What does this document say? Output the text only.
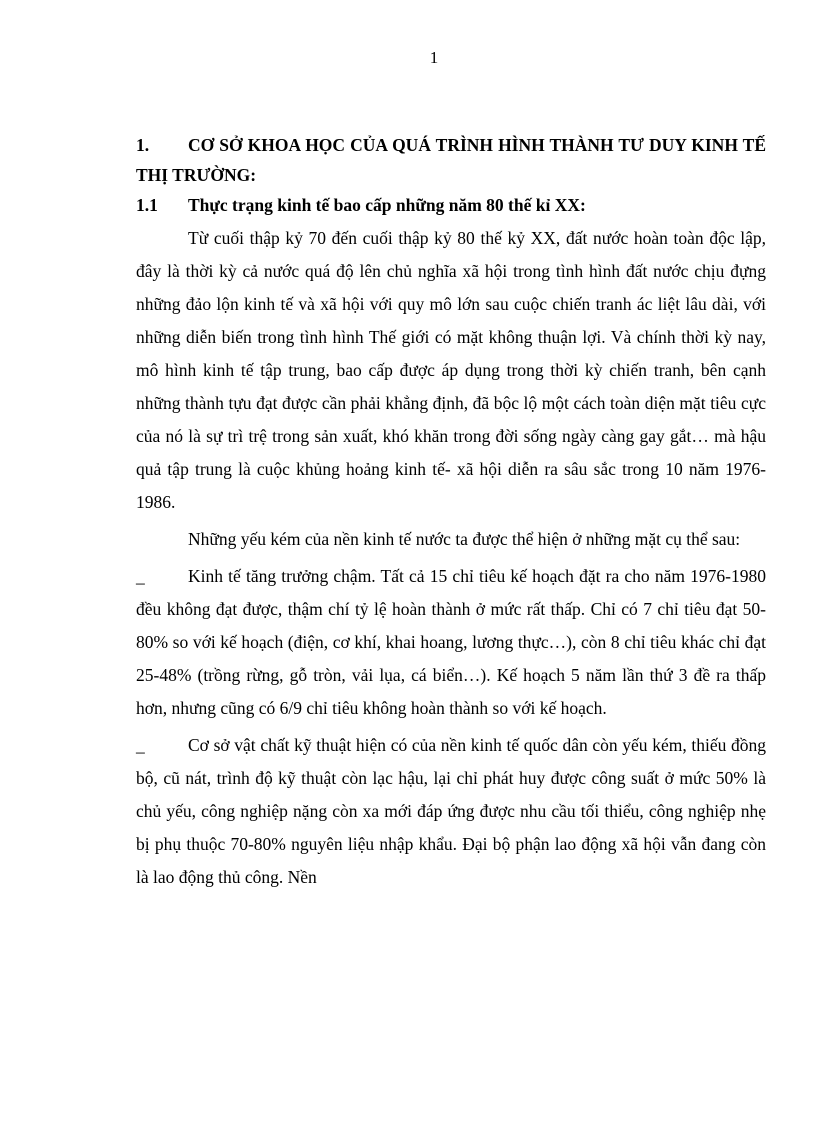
1

1. CƠ SỞ KHOA HỌC CỦA QUÁ TRÌNH HÌNH THÀNH TƯ DUY KINH TẾ THỊ TRƯỜNG:

1.1 Thực trạng kinh tế bao cấp những năm 80 thế kỉ XX:

Từ cuối thập kỷ 70 đến cuối thập kỷ 80 thế kỷ XX, đất nước hoàn toàn độc lập, đây là thời kỳ cả nước quá độ lên chủ nghĩa xã hội trong tình hình đất nước chịu đựng những đảo lộn kinh tế và xã hội với quy mô lớn sau cuộc chiến tranh ác liệt lâu dài, với những diễn biến trong tình hình Thế giới có mặt không thuận lợi. Và chính thời kỳ nay, mô hình kinh tế tập trung, bao cấp được áp dụng trong thời kỳ chiến tranh, bên cạnh những thành tựu đạt được cần phải khẳng định, đã bộc lộ một cách toàn diện mặt tiêu cực của nó là sự trì trệ trong sản xuất, khó khăn trong đời sống ngày càng gay gắt… mà hậu quả tập trung là cuộc khủng hoảng kinh tế- xã hội diễn ra sâu sắc trong 10 năm 1976-1986.

Những yếu kém của nền kinh tế nước ta được thể hiện ở những mặt cụ thể sau:

_ Kinh tế tăng trưởng chậm. Tất cả 15 chỉ tiêu kế hoạch đặt ra cho năm 1976-1980 đều không đạt được, thậm chí tỷ lệ hoàn thành ở mức rất thấp. Chỉ có 7 chỉ tiêu đạt 50-80% so với kế hoạch (điện, cơ khí, khai hoang, lương thực…), còn 8 chỉ tiêu khác chỉ đạt 25-48% (trồng rừng, gỗ tròn, vải lụa, cá biển…). Kế hoạch 5 năm lần thứ 3 đề ra thấp hơn, nhưng cũng có 6/9 chỉ tiêu không hoàn thành so với kế hoạch.

_ Cơ sở vật chất kỹ thuật hiện có của nền kinh tế quốc dân còn yếu kém, thiếu đồng bộ, cũ nát, trình độ kỹ thuật còn lạc hậu, lại chỉ phát huy được công suất ở mức 50% là chủ yếu, công nghiệp nặng còn xa mới đáp ứng được nhu cầu tối thiểu, công nghiệp nhẹ bị phụ thuộc 70-80% nguyên liệu nhập khẩu. Đại bộ phận lao động xã hội vẫn đang còn là lao động thủ công. Nền
